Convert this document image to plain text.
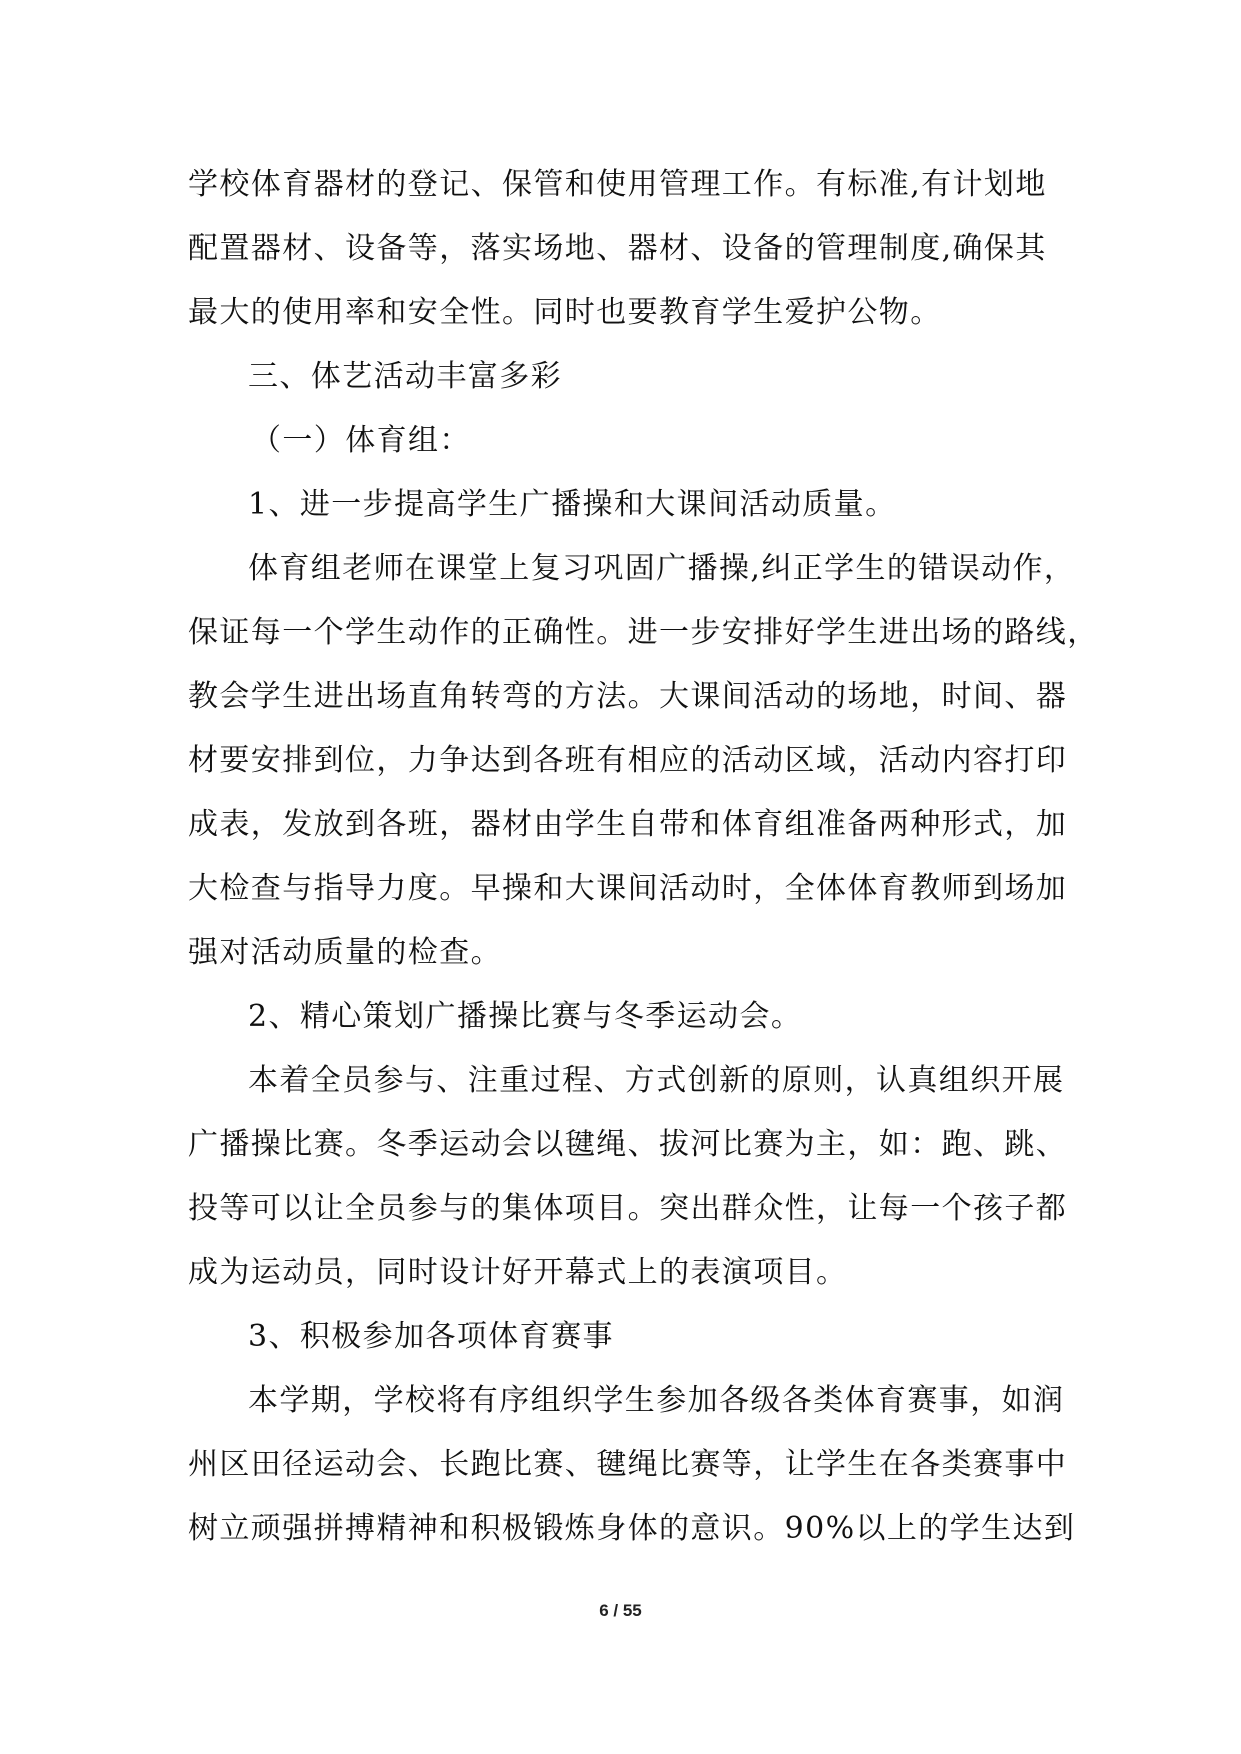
学校体育器材的登记、保管和使用管理工作。有标准,有计划地
配置器材、设备等，落实场地、器材、设备的管理制度,确保其
最大的使用率和安全性。同时也要教育学生爱护公物。
三、体艺活动丰富多彩
（一）体育组：
1、进一步提高学生广播操和大课间活动质量。
体育组老师在课堂上复习巩固广播操,纠正学生的错误动作，
保证每一个学生动作的正确性。进一步安排好学生进出场的路线，
教会学生进出场直角转弯的方法。大课间活动的场地，时间、器
材要安排到位，力争达到各班有相应的活动区域，活动内容打印
成表，发放到各班，器材由学生自带和体育组准备两种形式，加
大检查与指导力度。早操和大课间活动时，全体体育教师到场加
强对活动质量的检查。
2、精心策划广播操比赛与冬季运动会。
本着全员参与、注重过程、方式创新的原则，认真组织开展
广播操比赛。冬季运动会以毽绳、拔河比赛为主，如：跑、跳、
投等可以让全员参与的集体项目。突出群众性，让每一个孩子都
成为运动员，同时设计好开幕式上的表演项目。
3、积极参加各项体育赛事
本学期，学校将有序组织学生参加各级各类体育赛事，如润
州区田径运动会、长跑比赛、毽绳比赛等，让学生在各类赛事中
树立顽强拼搏精神和积极锻炼身体的意识。90%以上的学生达到
6 / 55
